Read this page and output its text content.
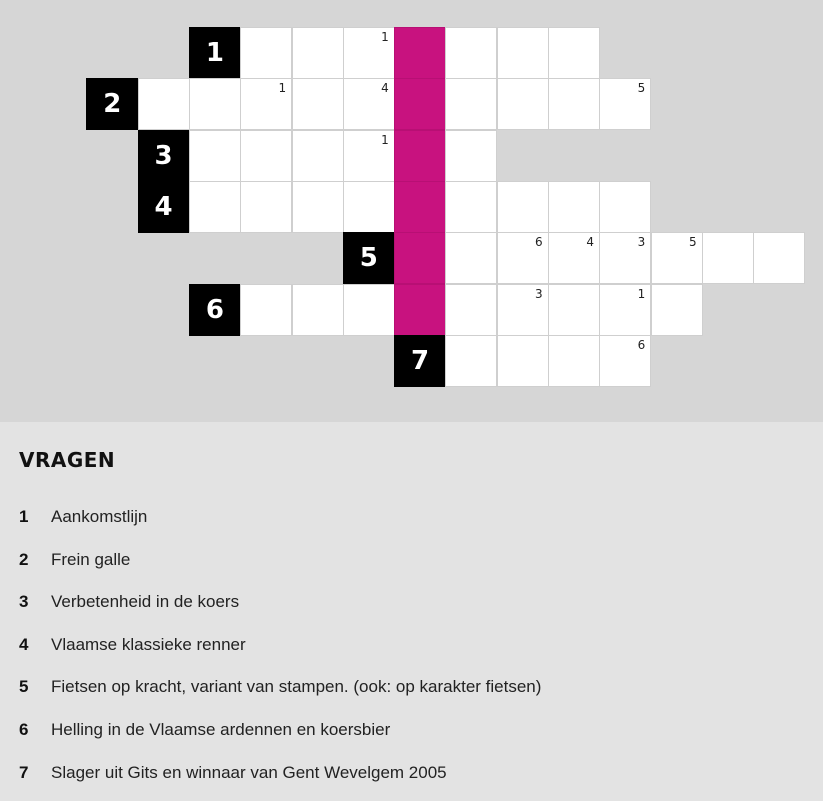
1
1
2
1	4	5
3
1
4
5
6	4	3	5
6
3	1
7
6
VRAGEN
1	Aankomstlijn
2	Frein galle
3	Verbetenheid in de koers
4	Vlaamse klassieke renner
5	Fietsen op kracht, variant van stampen. (ook: op karakter fietsen)
6	Helling in de Vlaamse ardennen en koersbier
7	Slager uit Gits en winnaar van Gent Wevelgem 2005
